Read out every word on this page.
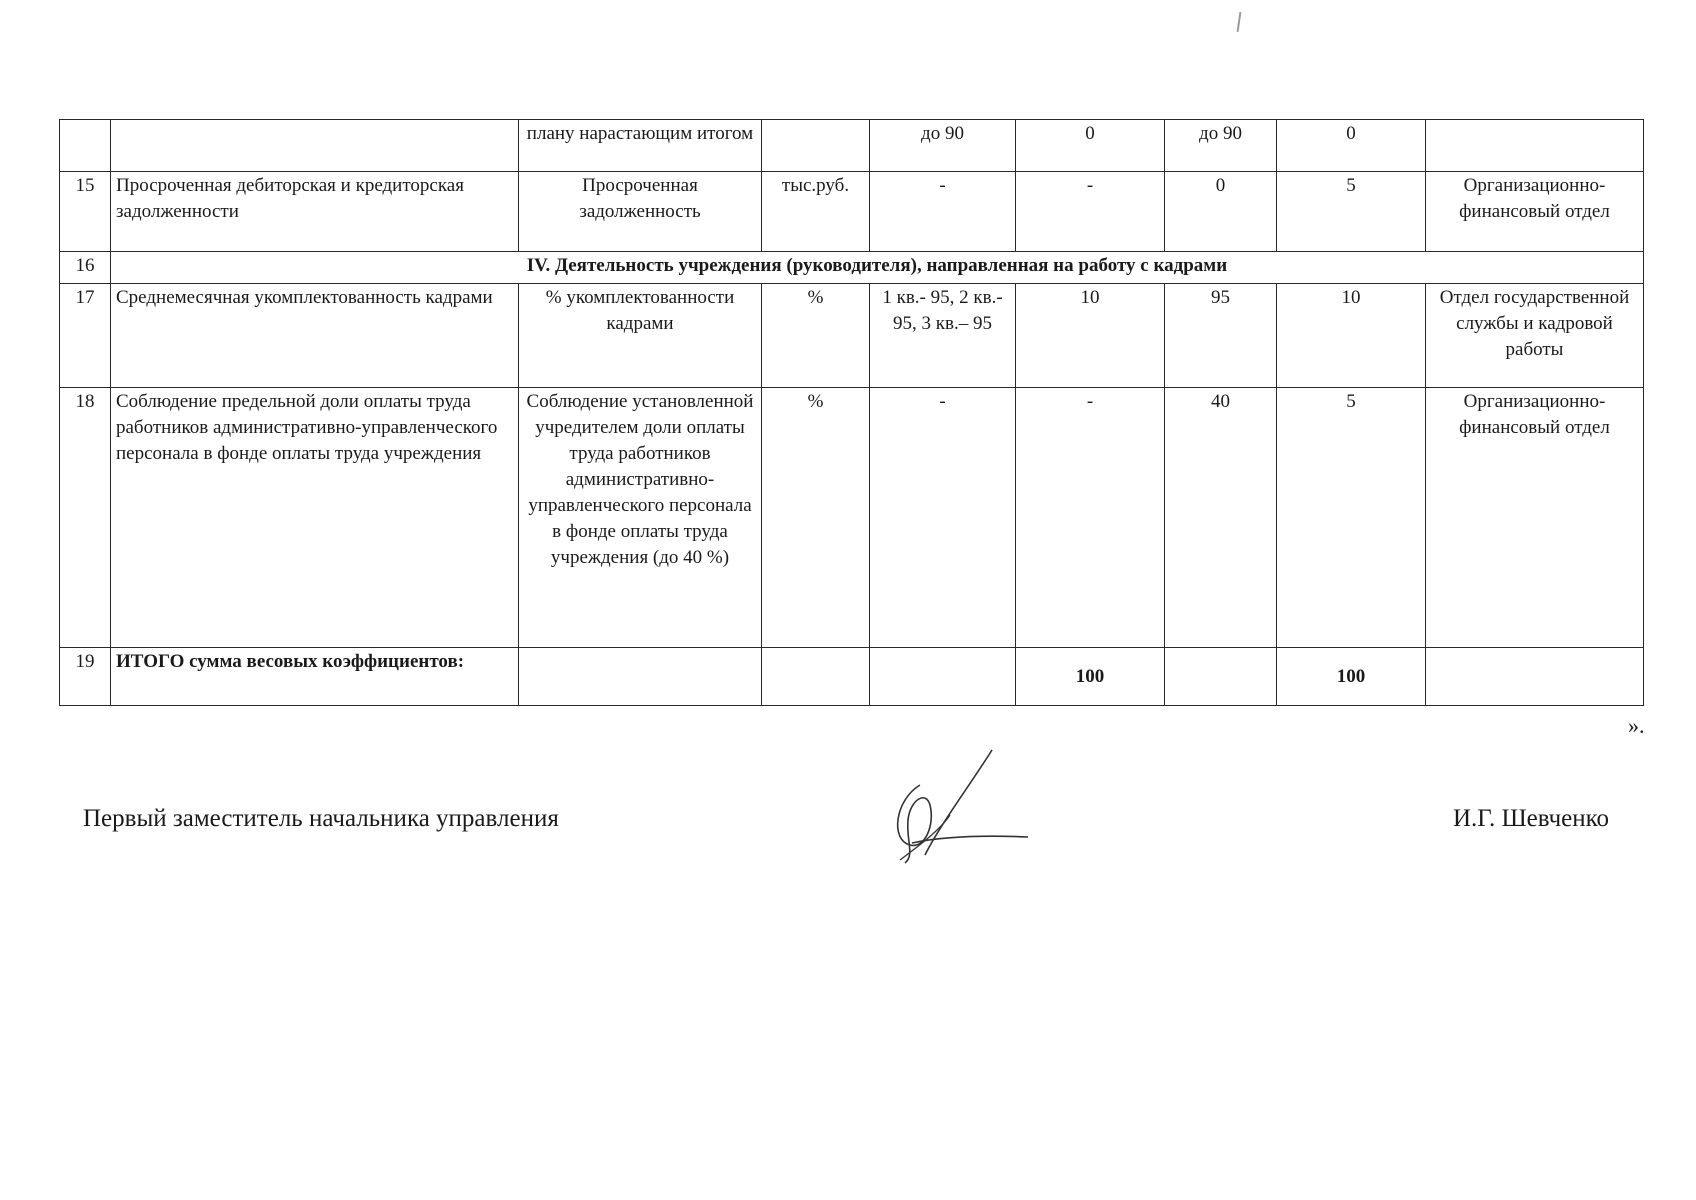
		плану нарастающим итогом		до 90	0	до 90	0	
15	Просроченная дебиторская и кредиторская задолженности	Просроченная задолженность	тыс.руб.	-	-	0	5	Организационно-финансовый отдел
16	IV. Деятельность учреждения (руководителя), направленная на работу с кадрами							
17	Среднемесячная укомплектованность кадрами	% укомплектованности кадрами	%	1 кв.- 95, 2 кв.- 95, 3 кв.– 95	10	95	10	Отдел государственной службы и кадровой работы
18	Соблюдение предельной доли оплаты труда работников административно-управленческого персонала в фонде оплаты труда учреждения	Соблюдение установленной учредителем доли оплаты труда работников административно-управленческого персонала в фонде оплаты труда учреждения (до 40 %)	%	-	-	40	5	Организационно-финансовый отдел
19	ИТОГО сумма весовых коэффициентов:				100		100	
».
Первый заместитель начальника управления	И.Г. Шевченко
